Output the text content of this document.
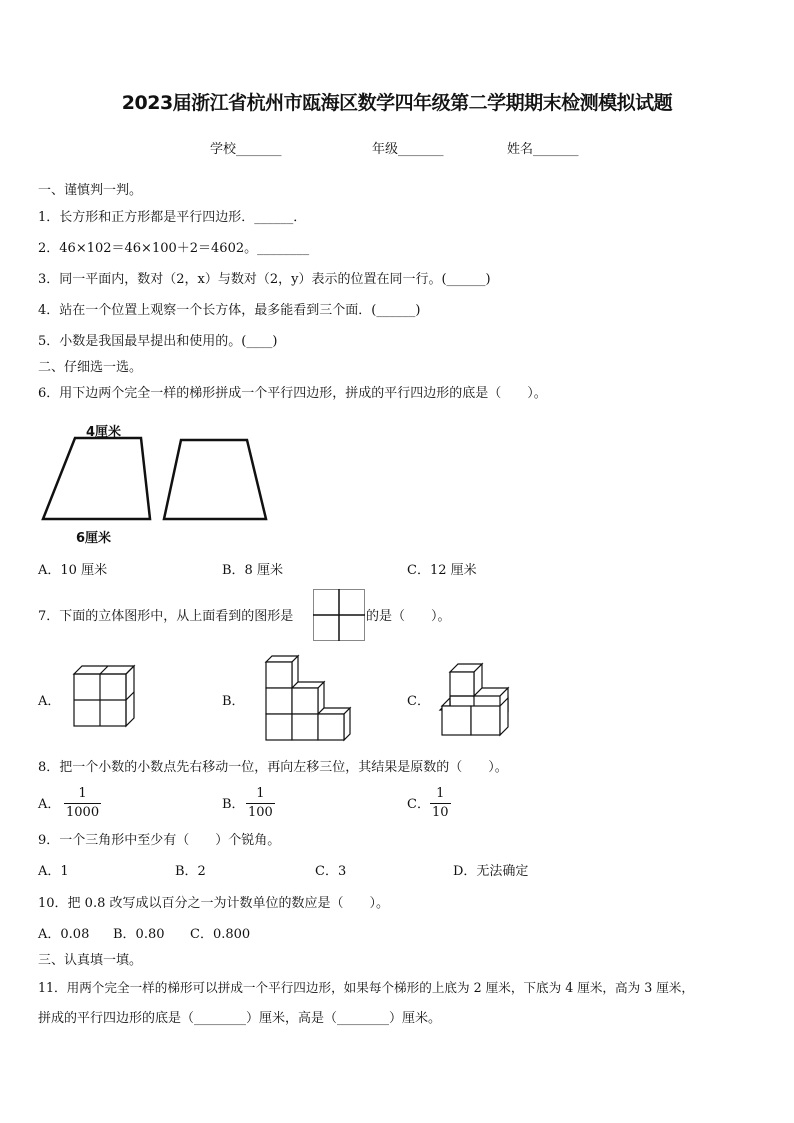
2023届浙江省杭州市瓯海区数学四年级第二学期期末检测模拟试题
学校_______	年级_______	姓名_______
一、谨慎判一判。
1．长方形和正方形都是平行四边形．______．
2．46×102＝46×100＋2＝4602。________
3．同一平面内，数对（2，x）与数对（2，y）表示的位置在同一行。(______)
4．站在一个位置上观察一个长方体，最多能看到三个面．(______)
5．小数是我国最早提出和使用的。(____)
二、仔细选一选。
6．用下边两个完全一样的梯形拼成一个平行四边形，拼成的平行四边形的底是（　　）。
4厘米
6厘米
A．10 厘米	B．8 厘米	C．12 厘米
7．下面的立体图形中，从上面看到的图形是	的是（　　）。
A．	B．	C．
8．把一个小数的小数点先右移动一位，再向左移三位，其结果是原数的（　　）。
A．
1
1000
B．
1
100
C．
1
10
9．一个三角形中至少有（　　）个锐角。
A．1	B．2	C．3	D．无法确定
10．把 0.8 改写成以百分之一为计数单位的数应是（　　）。
A．0.08 B．0.80 C．0.800
三、认真填一填。
11．用两个完全一样的梯形可以拼成一个平行四边形，如果每个梯形的上底为 2 厘米，下底为 4 厘米，高为 3 厘米，
拼成的平行四边形的底是（________）厘米，高是（________）厘米。
